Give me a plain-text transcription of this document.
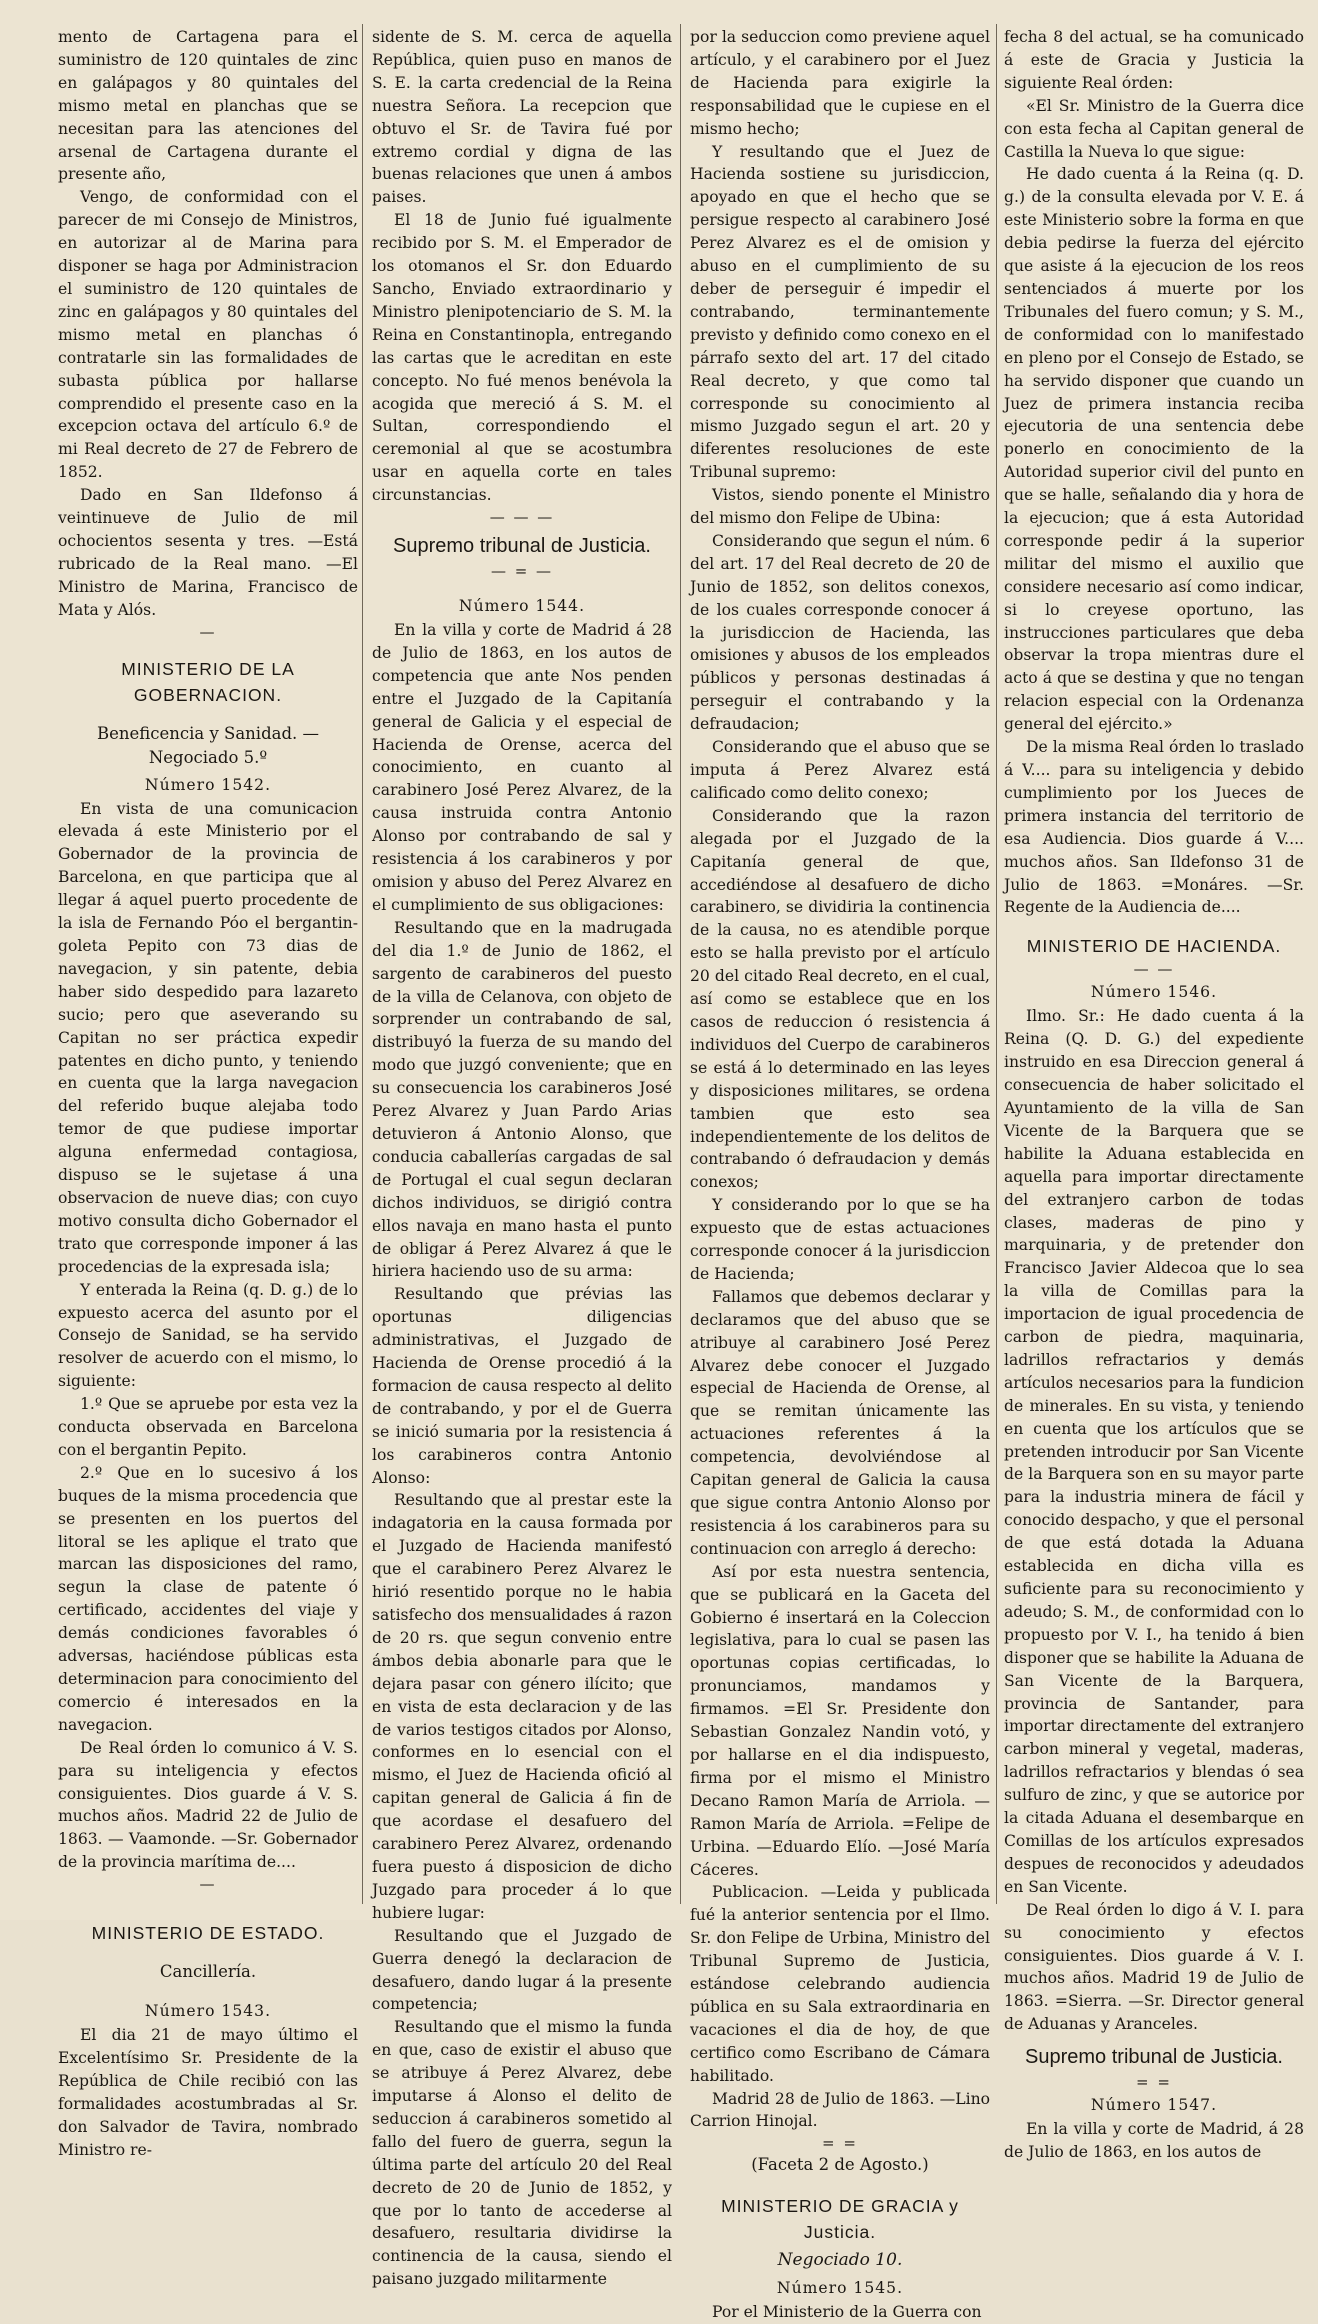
mento de Cartagena para el suministro de 120 quintales de zinc en galápagos y 80 quintales del mismo metal en planchas que se necesitan para las atenciones del arsenal de Cartagena durante el presente año,

Vengo, de conformidad con el parecer de mi Consejo de Ministros, en autorizar al de Marina para disponer se haga por Administracion el suministro de 120 quintales de zinc en galápagos y 80 quintales del mismo metal en planchas ó contratarle sin las formalidades de subasta pública por hallarse comprendido el presente caso en la excepcion octava del artículo 6.º de mi Real decreto de 27 de Febrero de 1852.

Dado en San Ildefonso á veintinueve de Julio de mil ochocientos sesenta y tres. —Está rubricado de la Real mano. —El Ministro de Marina, Francisco de Mata y Alós.

—

MINISTERIO DE LA GOBERNACION.

Beneficencia y Sanidad. —Negociado 5.º

Número 1542.

En vista de una comunicacion elevada á este Ministerio por el Gobernador de la provincia de Barcelona, en que participa que al llegar á aquel puerto procedente de la isla de Fernando Póo el bergantin-goleta Pepito con 73 dias de navegacion, y sin patente, debia haber sido despedido para lazareto sucio; pero que aseverando su Capitan no ser práctica expedir patentes en dicho punto, y teniendo en cuenta que la larga navegacion del referido buque alejaba todo temor de que pudiese importar alguna enfermedad contagiosa, dispuso se le sujetase á una observacion de nueve dias; con cuyo motivo consulta dicho Gobernador el trato que corresponde imponer á las procedencias de la expresada isla;

Y enterada la Reina (q. D. g.) de lo expuesto acerca del asunto por el Consejo de Sanidad, se ha servido resolver de acuerdo con el mismo, lo siguiente:

1.º Que se apruebe por esta vez la conducta observada en Barcelona con el bergantin Pepito.

2.º Que en lo sucesivo á los buques de la misma procedencia que se presenten en los puertos del litoral se les aplique el trato que marcan las disposiciones del ramo, segun la clase de patente ó certificado, accidentes del viaje y demás condiciones favorables ó adversas, haciéndose públicas esta determinacion para conocimiento del comercio é interesados en la navegacion.

De Real órden lo comunico á V. S. para su inteligencia y efectos consiguientes. Dios guarde á V. S. muchos años. Madrid 22 de Julio de 1863. — Vaamonde. —Sr. Gobernador de la provincia marítima de....

—

MINISTERIO DE ESTADO.

Cancillería.

Número 1543.

El dia 21 de mayo último el Excelentísimo Sr. Presidente de la República de Chile recibió con las formalidades acostumbradas al Sr. don Salvador de Tavira, nombrado Ministro re-

sidente de S. M. cerca de aquella República, quien puso en manos de S. E. la carta credencial de la Reina nuestra Señora. La recepcion que obtuvo el Sr. de Tavira fué por extremo cordial y digna de las buenas relaciones que unen á ambos paises.

El 18 de Junio fué igualmente recibido por S. M. el Emperador de los otomanos el Sr. don Eduardo Sancho, Enviado extraordinario y Ministro plenipotenciario de S. M. la Reina en Constantinopla, entregando las cartas que le acreditan en este concepto. No fué menos benévola la acogida que mereció á S. M. el Sultan, correspondiendo el ceremonial al que se acostumbra usar en aquella corte en tales circunstancias.

— — —

Supremo tribunal de Justicia.

— = —

Número 1544.

En la villa y corte de Madrid á 28 de Julio de 1863, en los autos de competencia que ante Nos penden entre el Juzgado de la Capitanía general de Galicia y el especial de Hacienda de Orense, acerca del conocimiento, en cuanto al carabinero José Perez Alvarez, de la causa instruida contra Antonio Alonso por contrabando de sal y resistencia á los carabineros y por omision y abuso del Perez Alvarez en el cumplimiento de sus obligaciones:

Resultando que en la madrugada del dia 1.º de Junio de 1862, el sargento de carabineros del puesto de la villa de Celanova, con objeto de sorprender un contrabando de sal, distribuyó la fuerza de su mando del modo que juzgó conveniente; que en su consecuencia los carabineros José Perez Alvarez y Juan Pardo Arias detuvieron á Antonio Alonso, que conducia caballerías cargadas de sal de Portugal el cual segun declaran dichos individuos, se dirigió contra ellos navaja en mano hasta el punto de obligar á Perez Alvarez á que le hiriera haciendo uso de su arma:

Resultando que prévias las oportunas diligencias administrativas, el Juzgado de Hacienda de Orense procedió á la formacion de causa respecto al delito de contrabando, y por el de Guerra se inició sumaria por la resistencia á los carabineros contra Antonio Alonso:

Resultando que al prestar este la indagatoria en la causa formada por el Juzgado de Hacienda manifestó que el carabinero Perez Alvarez le hirió resentido porque no le habia satisfecho dos mensualidades á razon de 20 rs. que segun convenio entre ámbos debia abonarle para que le dejara pasar con género ilícito; que en vista de esta declaracion y de las de varios testigos citados por Alonso, conformes en lo esencial con el mismo, el Juez de Hacienda ofició al capitan general de Galicia á fin de que acordase el desafuero del carabinero Perez Alvarez, ordenando fuera puesto á disposicion de dicho Juzgado para proceder á lo que hubiere lugar:

Resultando que el Juzgado de Guerra denegó la declaracion de desafuero, dando lugar á la presente competencia;

Resultando que el mismo la funda en que, caso de existir el abuso que se atribuye á Perez Alvarez, debe imputarse á Alonso el delito de seduccion á carabineros sometido al fallo del fuero de guerra, segun la última parte del artículo 20 del Real decreto de 20 de Junio de 1852, y que por lo tanto de accederse al desafuero, resultaria dividirse la continencia de la causa, siendo el paisano juzgado militarmente

por la seduccion como previene aquel artículo, y el carabinero por el Juez de Hacienda para exigirle la responsabilidad que le cupiese en el mismo hecho;

Y resultando que el Juez de Hacienda sostiene su jurisdiccion, apoyado en que el hecho que se persigue respecto al carabinero José Perez Alvarez es el de omision y abuso en el cumplimiento de su deber de perseguir é impedir el contrabando, terminantemente previsto y definido como conexo en el párrafo sexto del art. 17 del citado Real decreto, y que como tal corresponde su conocimiento al mismo Juzgado segun el art. 20 y diferentes resoluciones de este Tribunal supremo:

Vistos, siendo ponente el Ministro del mismo don Felipe de Ubina:

Considerando que segun el núm. 6 del art. 17 del Real decreto de 20 de Junio de 1852, son delitos conexos, de los cuales corresponde conocer á la jurisdiccion de Hacienda, las omisiones y abusos de los empleados públicos y personas destinadas á perseguir el contrabando y la defraudacion;

Considerando que el abuso que se imputa á Perez Alvarez está calificado como delito conexo;

Considerando que la razon alegada por el Juzgado de la Capitanía general de que, accediéndose al desafuero de dicho carabinero, se dividiria la continencia de la causa, no es atendible porque esto se halla previsto por el artículo 20 del citado Real decreto, en el cual, así como se establece que en los casos de reduccion ó resistencia á individuos del Cuerpo de carabineros se está á lo determinado en las leyes y disposiciones militares, se ordena tambien que esto sea independientemente de los delitos de contrabando ó defraudacion y demás conexos;

Y considerando por lo que se ha expuesto que de estas actuaciones corresponde conocer á la jurisdiccion de Hacienda;

Fallamos que debemos declarar y declaramos que del abuso que se atribuye al carabinero José Perez Alvarez debe conocer el Juzgado especial de Hacienda de Orense, al que se remitan únicamente las actuaciones referentes á la competencia, devolviéndose al Capitan general de Galicia la causa que sigue contra Antonio Alonso por resistencia á los carabineros para su continuacion con arreglo á derecho:

Así por esta nuestra sentencia, que se publicará en la Gaceta del Gobierno é insertará en la Coleccion legislativa, para lo cual se pasen las oportunas copias certificadas, lo pronunciamos, mandamos y firmamos. =El Sr. Presidente don Sebastian Gonzalez Nandin votó, y por hallarse en el dia indispuesto, firma por el mismo el Ministro Decano Ramon María de Arriola. —Ramon María de Arriola. =Felipe de Urbina. —Eduardo Elío. —José María Cáceres.

Publicacion. —Leida y publicada fué la anterior sentencia por el Ilmo. Sr. don Felipe de Urbina, Ministro del Tribunal Supremo de Justicia, estándose celebrando audiencia pública en su Sala extraordinaria en vacaciones el dia de hoy, de que certifico como Escribano de Cámara habilitado.

Madrid 28 de Julio de 1863. —Lino Carrion Hinojal.

= =

(Faceta 2 de Agosto.)

MINISTERIO DE GRACIA y Justicia.

Negociado 10.

Número 1545.

Por el Ministerio de la Guerra con

fecha 8 del actual, se ha comunicado á este de Gracia y Justicia la siguiente Real órden:

«El Sr. Ministro de la Guerra dice con esta fecha al Capitan general de Castilla la Nueva lo que sigue:

He dado cuenta á la Reina (q. D. g.) de la consulta elevada por V. E. á este Ministerio sobre la forma en que debia pedirse la fuerza del ejército que asiste á la ejecucion de los reos sentenciados á muerte por los Tribunales del fuero comun; y S. M., de conformidad con lo manifestado en pleno por el Consejo de Estado, se ha servido disponer que cuando un Juez de primera instancia reciba ejecutoria de una sentencia debe ponerlo en conocimiento de la Autoridad superior civil del punto en que se halle, señalando dia y hora de la ejecucion; que á esta Autoridad corresponde pedir á la superior militar del mismo el auxilio que considere necesario así como indicar, si lo creyese oportuno, las instrucciones particulares que deba observar la tropa mientras dure el acto á que se destina y que no tengan relacion especial con la Ordenanza general del ejército.»

De la misma Real órden lo traslado á V.... para su inteligencia y debido cumplimiento por los Jueces de primera instancia del territorio de esa Audiencia. Dios guarde á V.... muchos años. San Ildefonso 31 de Julio de 1863. =Monáres. —Sr. Regente de la Audiencia de....

MINISTERIO DE HACIENDA.

— —

Número 1546.

Ilmo. Sr.: He dado cuenta á la Reina (Q. D. G.) del expediente instruido en esa Direccion general á consecuencia de haber solicitado el Ayuntamiento de la villa de San Vicente de la Barquera que se habilite la Aduana establecida en aquella para importar directamente del extranjero carbon de todas clases, maderas de pino y marquinaria, y de pretender don Francisco Javier Aldecoa que lo sea la villa de Comillas para la importacion de igual procedencia de carbon de piedra, maquinaria, ladrillos refractarios y demás artículos necesarios para la fundicion de minerales. En su vista, y teniendo en cuenta que los artículos que se pretenden introducir por San Vicente de la Barquera son en su mayor parte para la industria minera de fácil y conocido despacho, y que el personal de que está dotada la Aduana establecida en dicha villa es suficiente para su reconocimiento y adeudo; S. M., de conformidad con lo propuesto por V. I., ha tenido á bien disponer que se habilite la Aduana de San Vicente de la Barquera, provincia de Santander, para importar directamente del extranjero carbon mineral y vegetal, maderas, ladrillos refractarios y blendas ó sea sulfuro de zinc, y que se autorice por la citada Aduana el desembarque en Comillas de los artículos expresados despues de reconocidos y adeudados en San Vicente.

De Real órden lo digo á V. I. para su conocimiento y efectos consiguientes. Dios guarde á V. I. muchos años. Madrid 19 de Julio de 1863. =Sierra. —Sr. Director general de Aduanas y Aranceles.

Supremo tribunal de Justicia.

= =

Número 1547.

En la villa y corte de Madrid, á 28 de Julio de 1863, en los autos de
